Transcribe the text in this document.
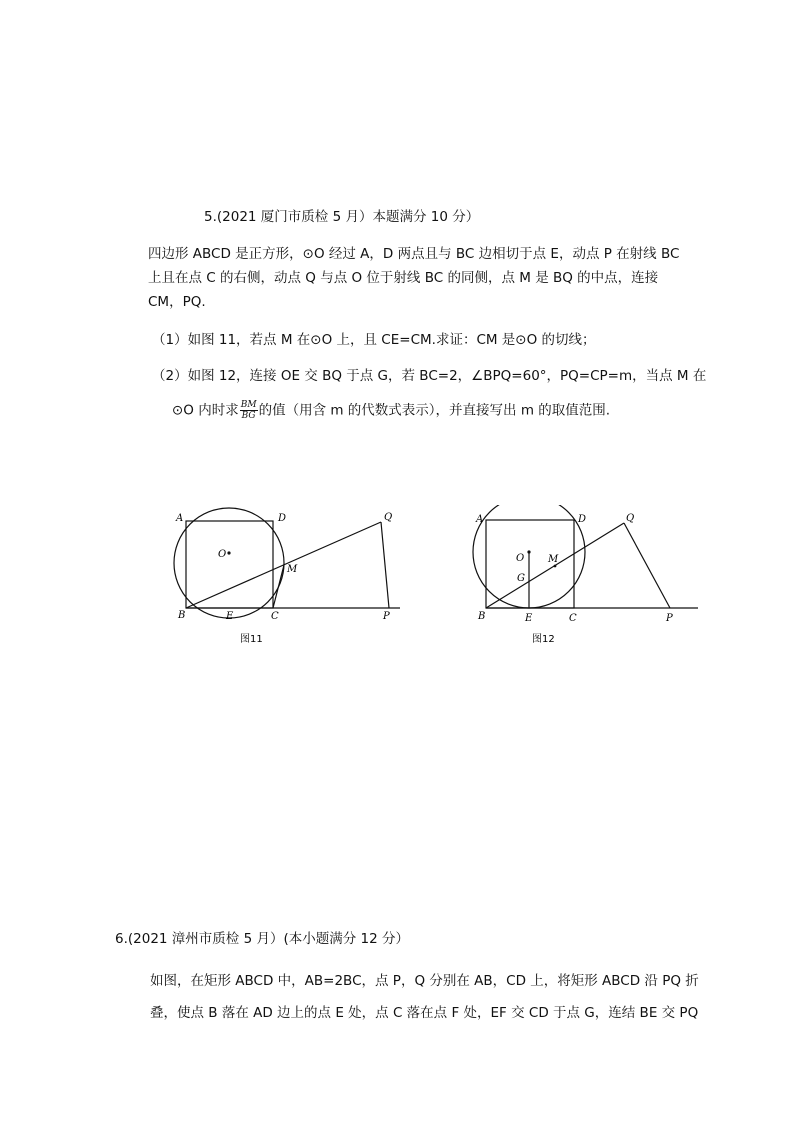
5.(2021 厦门市质检 5 月）本题满分 10 分）
四边形 ABCD 是正方形，⊙O 经过 A，D 两点且与 BC 边相切于点 E，动点 P 在射线 BC
上且在点 C 的右侧，动点 Q 与点 O 位于射线 BC 的同侧，点 M 是 BQ 的中点，连接
CM，PQ.
（1）如图 11，若点 M 在⊙O 上，且 CE=CM.求证：CM 是⊙O 的切线；
（2）如图 12，连接 OE 交 BQ 于点 G，若 BC=2，∠BPQ=60°，PQ=CP=m，当点 M 在
⊙O 内时求 $\frac{BM}{BG}$ 的值（用含 m 的代数式表示），并直接写出 m 的取值范围.
A	D	Q
O
M
B	E	C	P
图11
A	D	Q
O M
G
B	E	C	P
图12
6.(2021 漳州市质检 5 月）(本小题满分 12 分）
如图，在矩形 ABCD 中，AB=2BC，点 P，Q 分别在 AB，CD 上，将矩形 ABCD 沿 PQ 折
叠，使点 B 落在 AD 边上的点 E 处，点 C 落在点 F 处，EF 交 CD 于点 G，连结 BE 交 PQ
